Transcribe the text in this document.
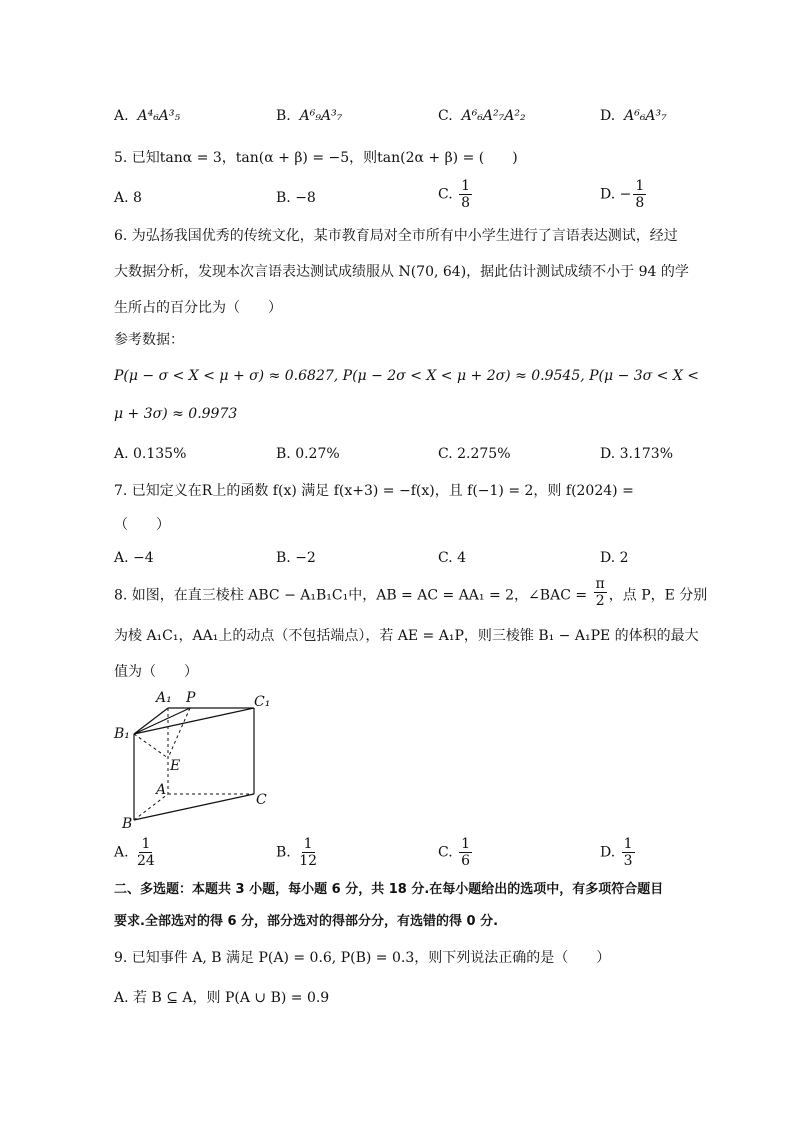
A. A⁴₆A³₅	B. A⁶₉A³₇	C. A⁶₆A²₇A²₂	D. A⁶₆A³₇
5. 已知tanα = 3，tan(α + β) = −5，则tan(2α + β) = (　　)
A. 8	B. −8	C. $\frac{1}{8}$	D. − $\frac{1}{8}$
6. 为弘扬我国优秀的传统文化，某市教育局对全市所有中小学生进行了言语表达测试，经过
大数据分析，发现本次言语表达测试成绩服从 N(70, 64)，据此估计测试成绩不小于 94 的学
生所占的百分比为（　　）
参考数据：
P(μ − σ < X < μ + σ) ≈ 0.6827, P(μ − 2σ < X < μ + 2σ) ≈ 0.9545, P(μ − 3σ < X <
μ + 3σ) ≈ 0.9973
A. 0.135%	B. 0.27%	C. 2.275%	D. 3.173%
7. 已知定义在R上的函数 f(x) 满足 f(x+3) = −f(x)，且 f(−1) = 2，则 f(2024) =
（　　）
A. −4	B. −2	C. 4	D. 2
8. 如图，在直三棱柱 ABC − A₁B₁C₁中，AB = AC = AA₁ = 2，∠BAC = $\frac{\pi}{2}$ ，点 P，E 分别
为棱 A₁C₁，AA₁上的动点（不包括端点），若 AE = A₁P，则三棱锥 B₁ − A₁PE 的体积的最大
值为（　　）
A₁ P	C₁
B₁
E
A
C
B
A. $\frac{1}{24}$	B. $\frac{1}{12}$	C. $\frac{1}{6}$	D. $\frac{1}{3}$
二、多选题：本题共 3 小题，每小题 6 分，共 18 分.在每小题给出的选项中，有多项符合题目
要求.全部选对的得 6 分，部分选对的得部分分，有选错的得 0 分.
9. 已知事件 A, B 满足 P(A) = 0.6, P(B) = 0.3，则下列说法正确的是（　　）
A. 若 B ⊆ A，则 P(A ∪ B) = 0.9
